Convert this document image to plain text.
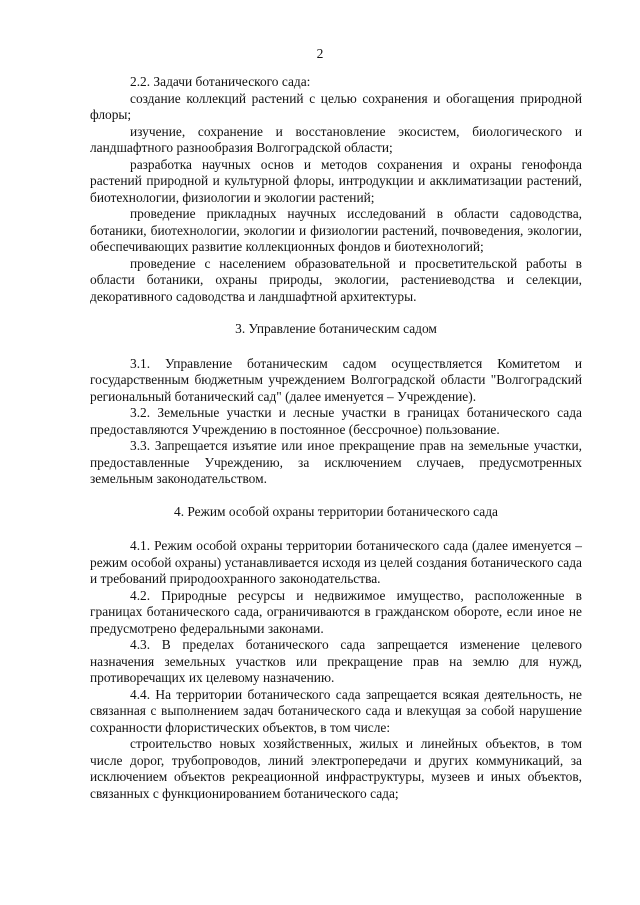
2

2.2. Задачи ботанического сада:

создание коллекций растений с целью сохранения и обогащения природной флоры;

изучение, сохранение и восстановление экосистем, биологического и ландшафтного разнообразия Волгоградской области;

разработка научных основ и методов сохранения и охраны генофонда растений природной и культурной флоры, интродукции и акклиматизации растений, биотехнологии, физиологии и экологии растений;

проведение прикладных научных исследований в области садоводства, ботаники, биотехнологии, экологии и физиологии растений, почвоведения, экологии, обеспечивающих развитие коллекционных фондов и биотехнологий;

проведение с населением образовательной и просветительской работы в области ботаники, охраны природы, экологии, растениеводства и селекции, декоративного садоводства и ландшафтной архитектуры.

3. Управление ботаническим садом

3.1. Управление ботаническим садом осуществляется Комитетом и государственным бюджетным учреждением Волгоградской области "Волгоградский региональный ботанический сад" (далее именуется – Учреждение).

3.2. Земельные участки и лесные участки в границах ботанического сада предоставляются Учреждению в постоянное (бессрочное) пользование.

3.3. Запрещается изъятие или иное прекращение прав на земельные участки, предоставленные Учреждению, за исключением случаев, предусмотренных земельным законодательством.

4. Режим особой охраны территории ботанического сада

4.1. Режим особой охраны территории ботанического сада (далее именуется – режим особой охраны) устанавливается исходя из целей создания ботанического сада и требований природоохранного законодательства.

4.2. Природные ресурсы и недвижимое имущество, расположенные в границах ботанического сада, ограничиваются в гражданском обороте, если иное не предусмотрено федеральными законами.

4.3. В пределах ботанического сада запрещается изменение целевого назначения земельных участков или прекращение прав на землю для нужд, противоречащих их целевому назначению.

4.4. На территории ботанического сада запрещается всякая деятельность, не связанная с выполнением задач ботанического сада и влекущая за собой нарушение сохранности флористических объектов, в том числе:

строительство новых хозяйственных, жилых и линейных объектов, в том числе дорог, трубопроводов, линий электропередачи и других коммуникаций, за исключением объектов рекреационной инфраструктуры, музеев и иных объектов, связанных с функционированием ботанического сада;
